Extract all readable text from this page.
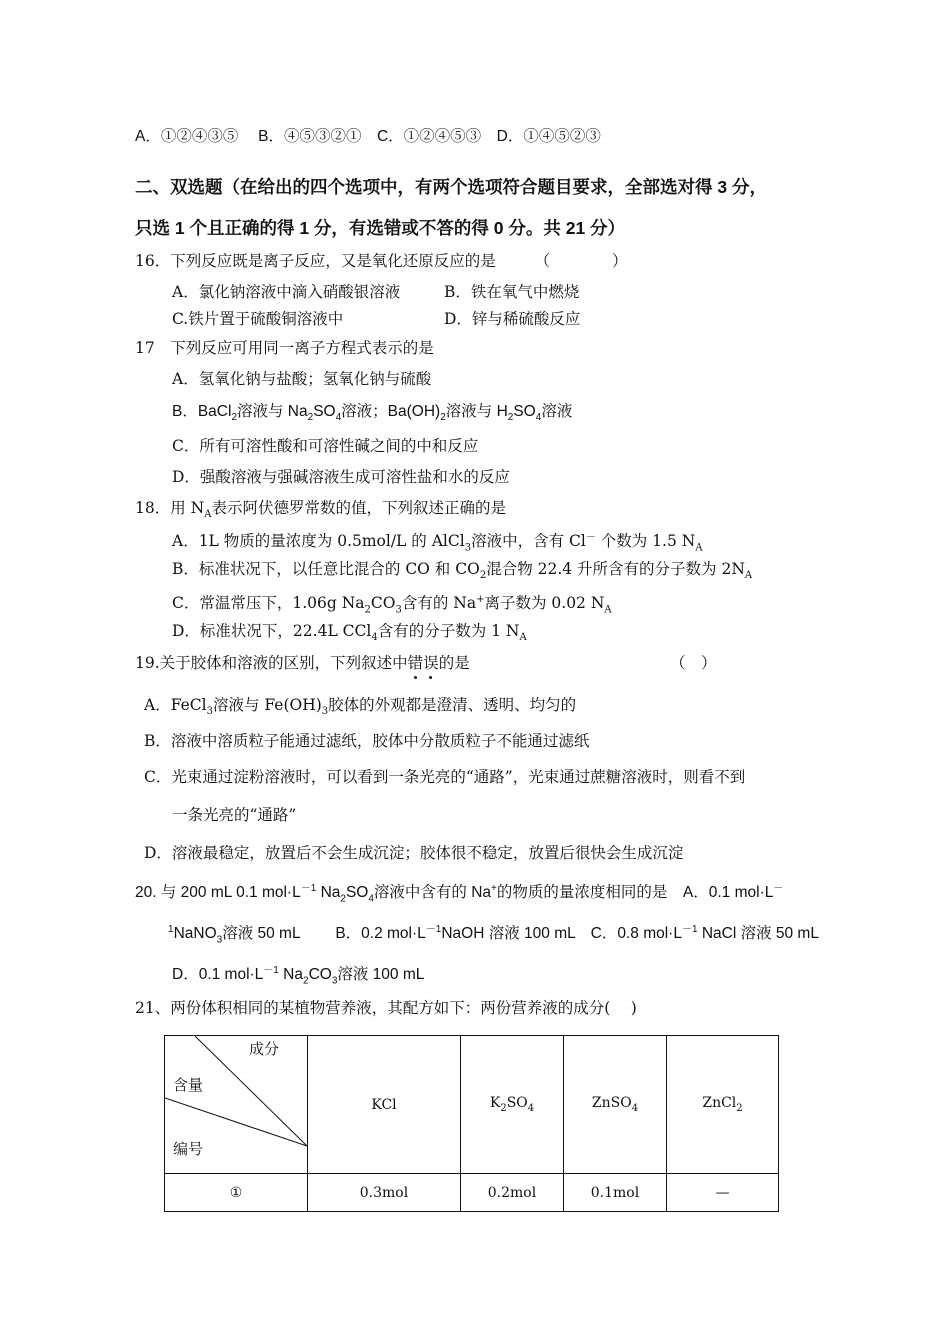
A．①②④③⑤　 B．④⑤③②①　C．①②④⑤③　D．①④⑤②③
二、双选题（在给出的四个选项中，有两个选项符合题目要求，全部选对得 3 分，
只选 1 个且正确的得 1 分，有选错或不答的得 0 分。共 21 分）
16．下列反应既是离子反应，又是氧化还原反应的是　　　（　　　　）
A．氯化钠溶液中滴入硝酸银溶液	B．铁在氧气中燃烧
C.铁片置于硫酸铜溶液中	D．锌与稀硫酸反应
17　下列反应可用同一离子方程式表示的是
A．氢氧化钠与盐酸；氢氧化钠与硫酸
B．BaCl$_2$溶液与 $Na_2SO_4$溶液；$Ba(OH)_2$溶液与 $H_2SO_4$溶液
C．所有可溶性酸和可溶性碱之间的中和反应
D．强酸溶液与强碱溶液生成可溶性盐和水的反应
18．用 $N_A$表示阿伏德罗常数的值，下列叙述正确的是
A．1L 物质的量浓度为 0.5mol/L 的 AlCl$_3$溶液中，含有 Cl－ 个数为 1.5 $N_A$
B．标准状况下，以任意比混合的 CO 和 $CO_2$混合物 22.4 升所含有的分子数为 $2N_A$
C．常温常压下，1.06g $Na_2CO_3$含有的 Na+离子数为 0.02 $N_A$
D．标准状况下，22.4L CCl$_4$含有的分子数为 1 $N_A$
19.关于胶体和溶液的区别，下列叙述中错误的是	（　）
A．FeCl$_3$溶液与 $Fe(OH)_3$胶体的外观都是澄清、透明、均匀的
B．溶液中溶质粒子能通过滤纸，胶体中分散质粒子不能通过滤纸
C．光束通过淀粉溶液时，可以看到一条光亮的“通路”，光束通过蔗糖溶液时，则看不到
一条光亮的“通路”
D．溶液最稳定，放置后不会生成沉淀；胶体很不稳定，放置后很快会生成沉淀
20. 与 200 mL 0.1 $mol\cdot L^{-1}$ $Na_2SO_4$溶液中含有的 Na+的物质的量浓度相同的是　A．0.1 mol·L－
$^1$NaNO$_3$溶液 50 mL　　 B．0.2 $mol\cdot L^{-1}NaOH$ 溶液 100 mL　C．0.8 $mol\cdot L^{-1}$ NaCl 溶液 50 mL
D．0.1 $mol\cdot L^{-1}$ $Na_2CO_3$溶液 100 mL
21、两份体积相同的某植物营养液，其配方如下：两份营养液的成分(　 )
成分
含量
编号	KCl	$K_2SO_4$	ZnSO$_4$	ZnCl$_2$
①	0.3mol	0.2mol	0.1mol	—
